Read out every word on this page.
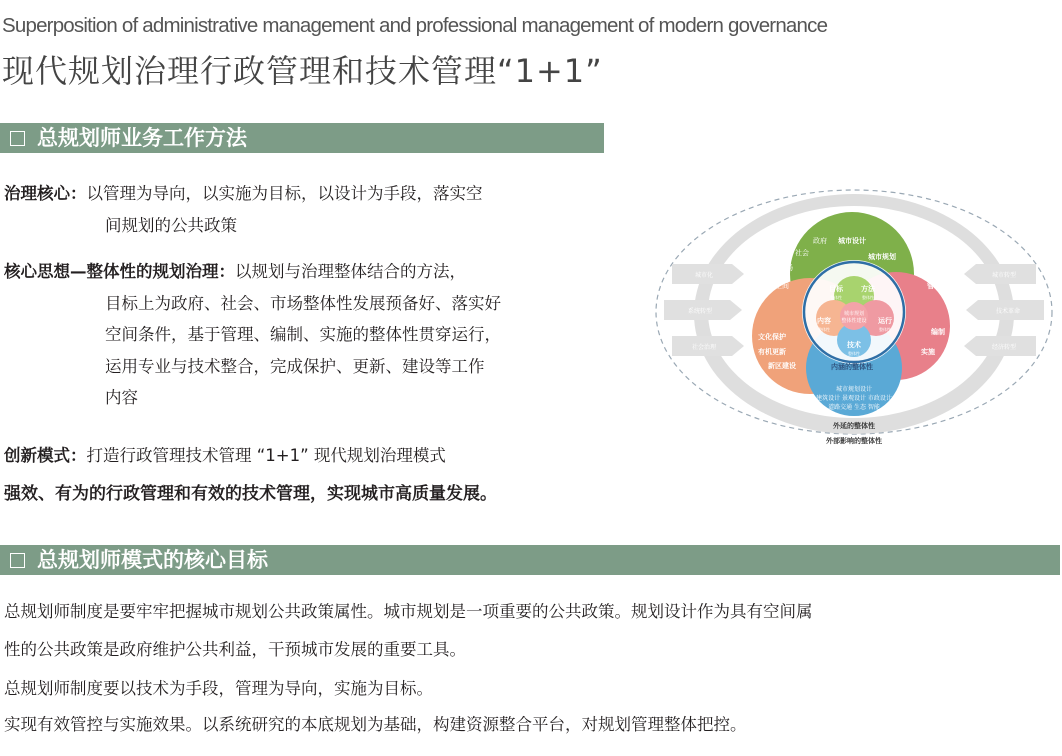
Superposition of administrative management and professional management of modern governance
现代规划治理行政管理和技术管理“1+1”
总规划师业务工作方法
治理核心：以管理为导向，以实施为目标，以设计为手段，落实空
间规划的公共政策
核心思想—整体性的规划治理：以规划与治理整体结合的方法，
目标上为政府、社会、市场整体性发展预备好、落实好
空间条件，基于管理、编制、实施的整体性贯穿运行，
运用专业与技术整合，完成保护、更新、建设等工作
内容
创新模式：打造行政管理技术管理 “1+1” 现代规划治理模式
强效、有为的行政管理和有效的技术管理，实现城市高质量发展。
城市化
系统转型
社会治理
城市转型
技术革命
经济转型
城市设计
城市规划
政府
社会
市场
空间	管理
编制
实施
文化保护
有机更新
新区建设
城市规划设计
建筑设计 景观设计 市政设计
道路交通 生态 智能
目标
整体性
方法
整体性
内容
整体性
运行
整体性
技术
整体性
城市规划
整体性建设
内涵的整体性
外延的整体性
外部影响的整体性
总规划师模式的核心目标
总规划师制度是要牢牢把握城市规划公共政策属性。城市规划是一项重要的公共政策。规划设计作为具有空间属
性的公共政策是政府维护公共利益，干预城市发展的重要工具。
总规划师制度要以技术为手段，管理为导向，实施为目标。
实现有效管控与实施效果。以系统研究的本底规划为基础，构建资源整合平台，对规划管理整体把控。
